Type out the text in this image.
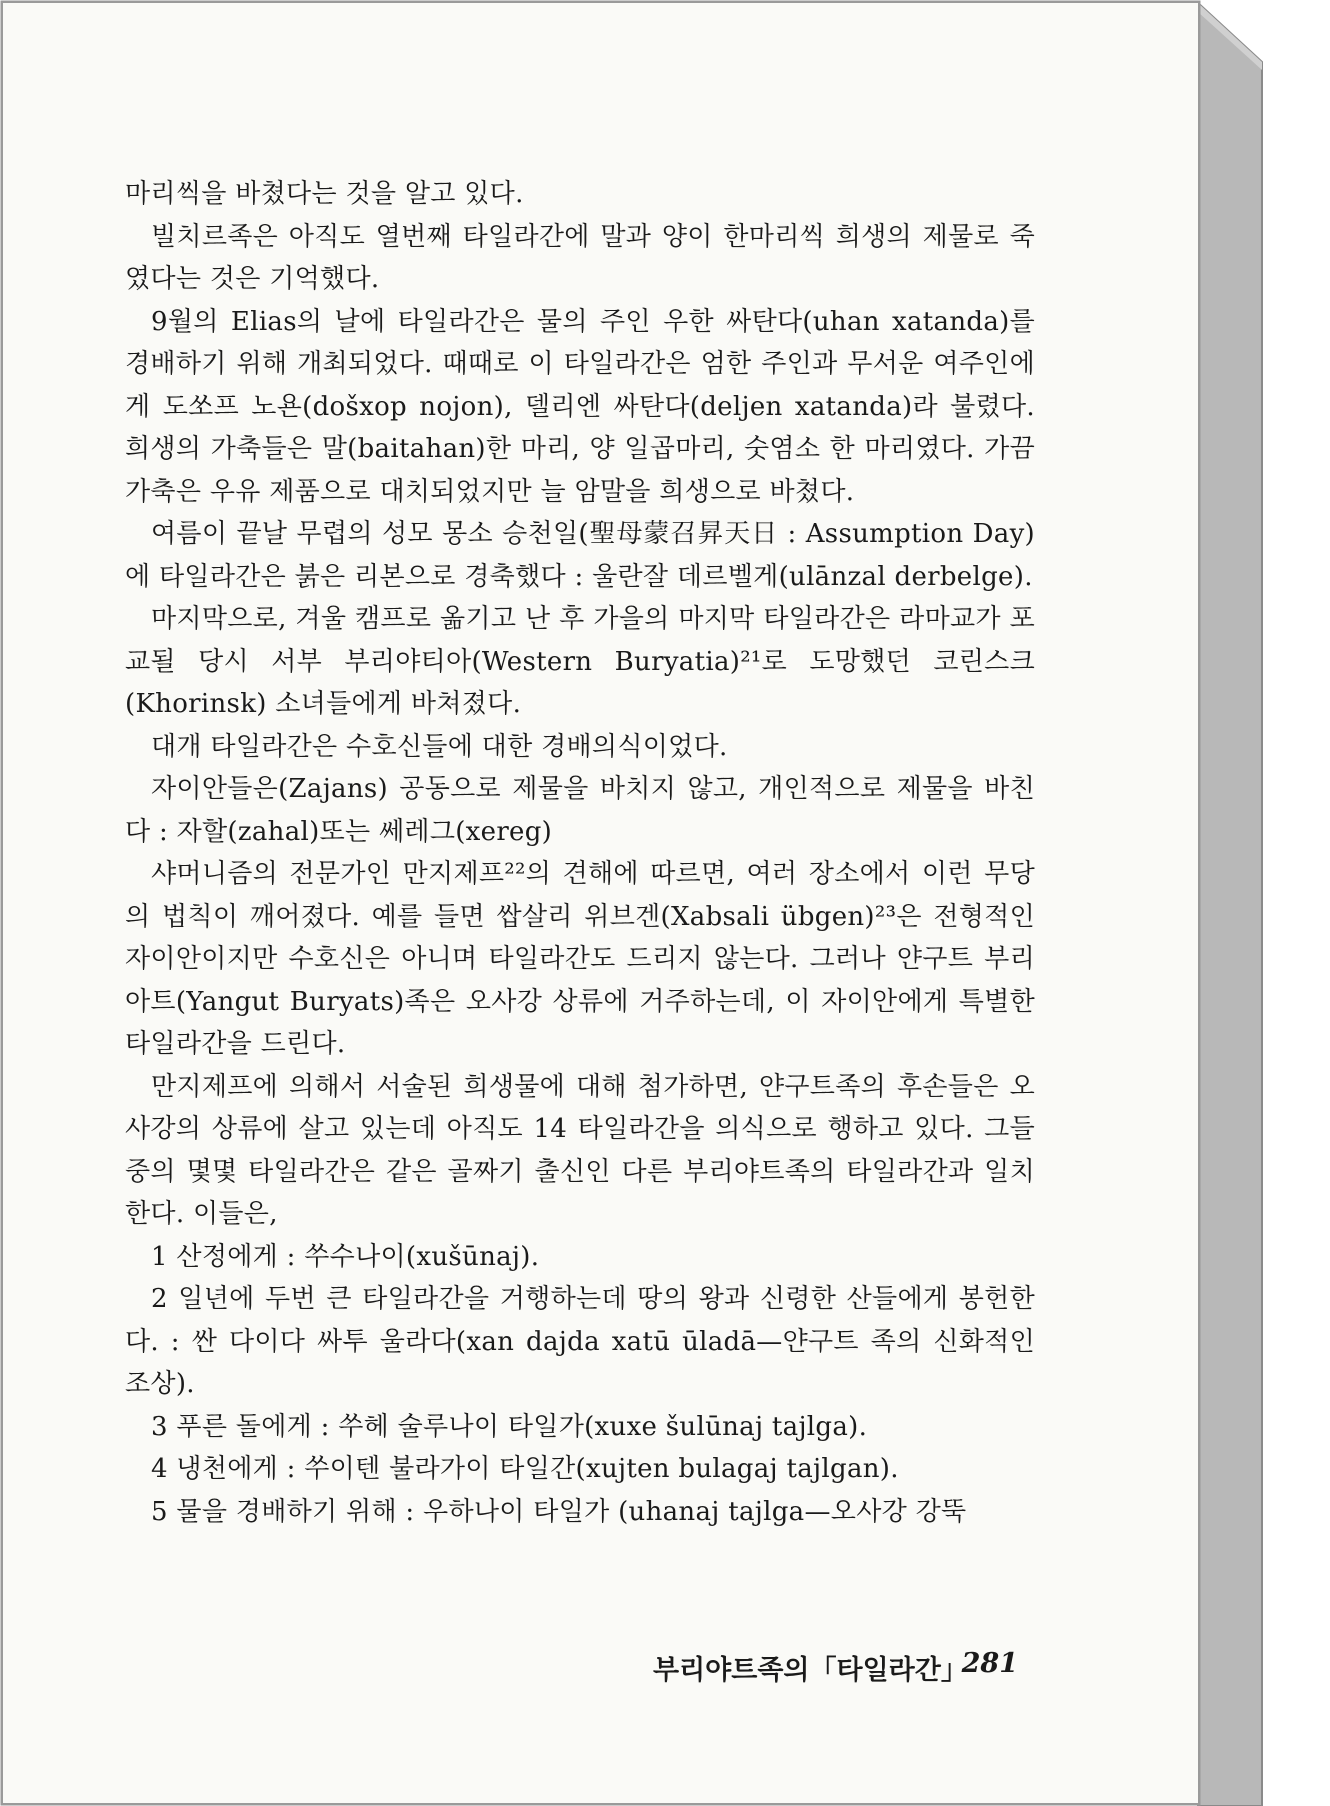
마리씩을 바쳤다는 것을 알고 있다.

빌치르족은 아직도 열번째 타일라간에 말과 양이 한마리씩 희생의 제물로 죽였다는 것은 기억했다.

9월의 Elias의 날에 타일라간은 물의 주인 우한 싸탄다(uhan xatanda)를 경배하기 위해 개최되었다. 때때로 이 타일라간은 엄한 주인과 무서운 여주인에게 도쏘프 노욘(došxop nojon), 델리엔 싸탄다(deljen xatanda)라 불렸다. 희생의 가축들은 말(baitahan)한 마리, 양 일곱마리, 숫염소 한 마리였다. 가끔 가축은 우유 제품으로 대치되었지만 늘 암말을 희생으로 바쳤다.

여름이 끝날 무렵의 성모 몽소 승천일(聖母蒙召昇天日 : Assumption Day)에 타일라간은 붉은 리본으로 경축했다 : 울란잘 데르벨게(ulānzal derbelge).

마지막으로, 겨울 캠프로 옮기고 난 후 가을의 마지막 타일라간은 라마교가 포교될 당시 서부 부리야티아(Western Buryatia)²¹로 도망했던 코린스크(Khorinsk) 소녀들에게 바쳐졌다.

대개 타일라간은 수호신들에 대한 경배의식이었다.

자이안들은(Zajans) 공동으로 제물을 바치지 않고, 개인적으로 제물을 바친다 : 자할(zahal)또는 쎄레그(xereg)

샤머니즘의 전문가인 만지제프²²의 견해에 따르면, 여러 장소에서 이런 무당의 법칙이 깨어졌다. 예를 들면 쌉살리 위브겐(Xabsali übgen)²³은 전형적인 자이안이지만 수호신은 아니며 타일라간도 드리지 않는다. 그러나 얀구트 부리아트(Yangut Buryats)족은 오사강 상류에 거주하는데, 이 자이안에게 특별한 타일라간을 드린다.

만지제프에 의해서 서술된 희생물에 대해 첨가하면, 얀구트족의 후손들은 오사강의 상류에 살고 있는데 아직도 14 타일라간을 의식으로 행하고 있다. 그들 중의 몇몇 타일라간은 같은 골짜기 출신인 다른 부리야트족의 타일라간과 일치한다. 이들은,

1 산정에게 : 쑤수나이(xušūnaj).

2 일년에 두번 큰 타일라간을 거행하는데 땅의 왕과 신령한 산들에게 봉헌한다. : 싼 다이다 싸투 울라다(xan dajda xatū ūladā—얀구트 족의 신화적인 조상).

3 푸른 돌에게 : 쑤헤 술루나이 타일가(xuxe šulūnaj tajlga).

4 냉천에게 : 쑤이텐 불라가이 타일간(xujten bulagaj tajlgan).

5 물을 경배하기 위해 : 우하나이 타일가 (uhanaj tajlga—오사강 강뚝

부리야트족의「타일라간」
281
